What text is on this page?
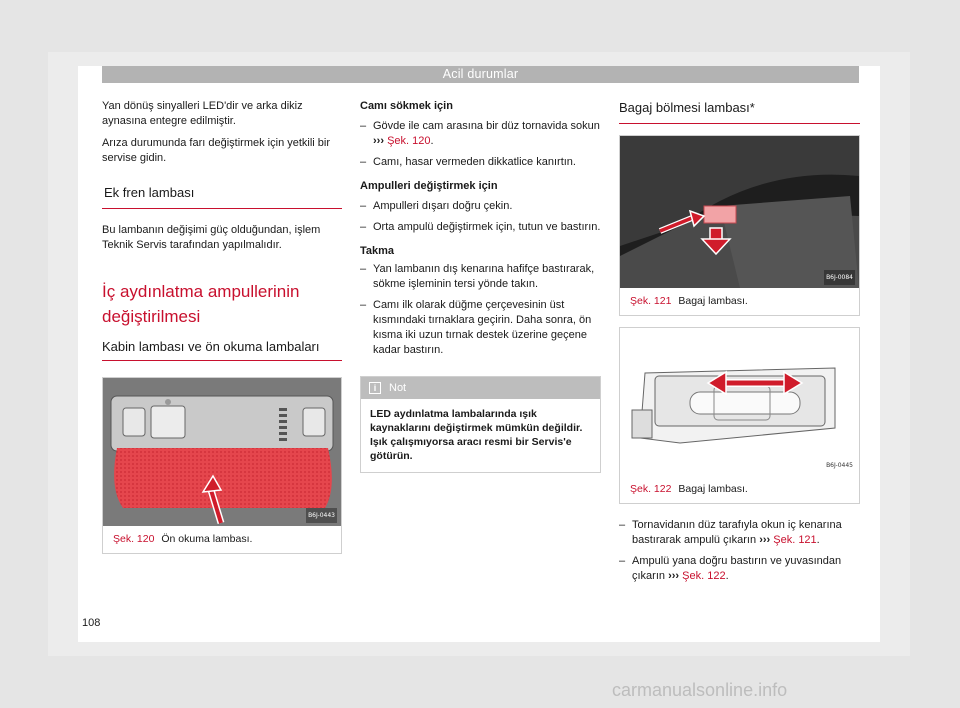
Acil durumlar

Yan dönüş sinyalleri LED'dir ve arka dikiz aynasına entegre edilmiştir.

Arıza durumunda farı değiştirmek için yetkili bir servise gidin.

Ek fren lambası

Bu lambanın değişimi güç olduğundan, işlem Teknik Servis tarafından yapılmalıdır.

İç aydınlatma ampullerinin değiştirilmesi
Kabin lambası ve ön okuma lambaları
B6J-0443
Şek. 120 Ön okuma lambası.
Camı sökmek için
– Gövde ile cam arasına bir düz tornavida sokun ››› Şek. 120.
– Camı, hasar vermeden dikkatlice kanırtın.
Ampulleri değiştirmek için
– Ampulleri dışarı doğru çekin.
– Orta ampulü değiştirmek için, tutun ve bastırın.
Takma
– Yan lambanın dış kenarına hafifçe bastırarak, sökme işleminin tersi yönde takın.
– Camı ilk olarak düğme çerçevesinin üst kısmındaki tırnaklara geçirin. Daha sonra, ön kısma iki uzun tırnak destek üzerine geçene kadar bastırın.
i	Not
LED aydınlatma lambalarında ışık kaynaklarını değiştirmek mümkün değildir. Işık çalışmıyorsa aracı resmi bir Servis'e götürün.
Bagaj bölmesi lambası*
B6J-0084
Şek. 121 Bagaj lambası.
B6J-0445
Şek. 122 Bagaj lambası.
– Tornavidanın düz tarafıyla okun iç kenarına bastırarak ampulü çıkarın ››› Şek. 121.
– Ampulü yana doğru bastırın ve yuvasından çıkarın ››› Şek. 122.
108
carmanualsonline.info
